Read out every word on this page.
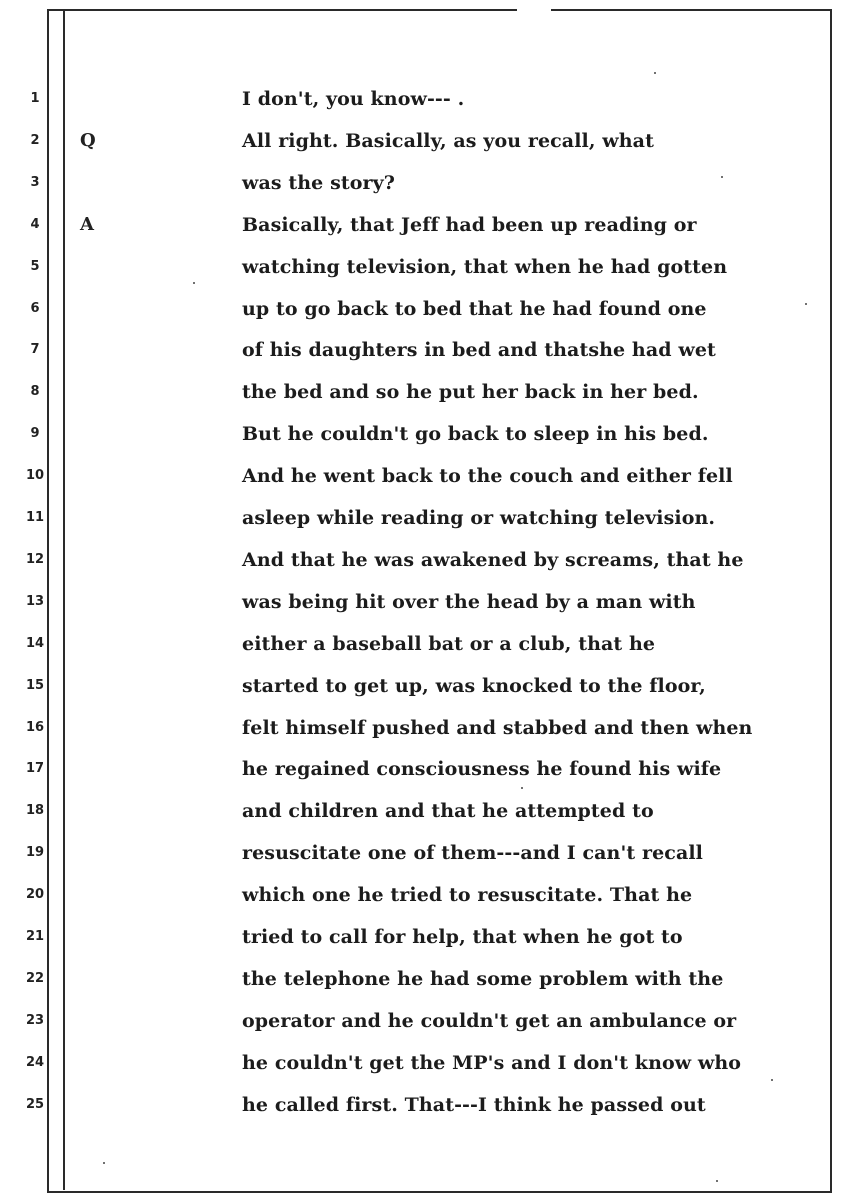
1
2
3
4
5
6
7
8
9
10
11
12
13
14
15
16
17
18
19
20
21
22
23
24
25
Q
A
I don't, you know--- .
All right. Basically, as you recall, what
was the story?
Basically, that Jeff had been up reading or
watching television, that when he had gotten
up to go back to bed that he had found one
of his daughters in bed and thatshe had wet
the bed and so he put her back in her bed.
But he couldn't go back to sleep in his bed.
And he went back to the couch and either fell
asleep while reading or watching television.
And that he was awakened by screams, that he
was being hit over the head by a man with
either a baseball bat or a club, that he
started to get up, was knocked to the floor,
felt himself pushed and stabbed and then when
he regained consciousness he found his wife
and children and that he attempted to
resuscitate one of them---and I can't recall
which one he tried to resuscitate. That he
tried to call for help, that when he got to
the telephone he had some problem with the
operator and he couldn't get an ambulance or
he couldn't get the MP's and I don't know who
he called first. That---I think he passed out
